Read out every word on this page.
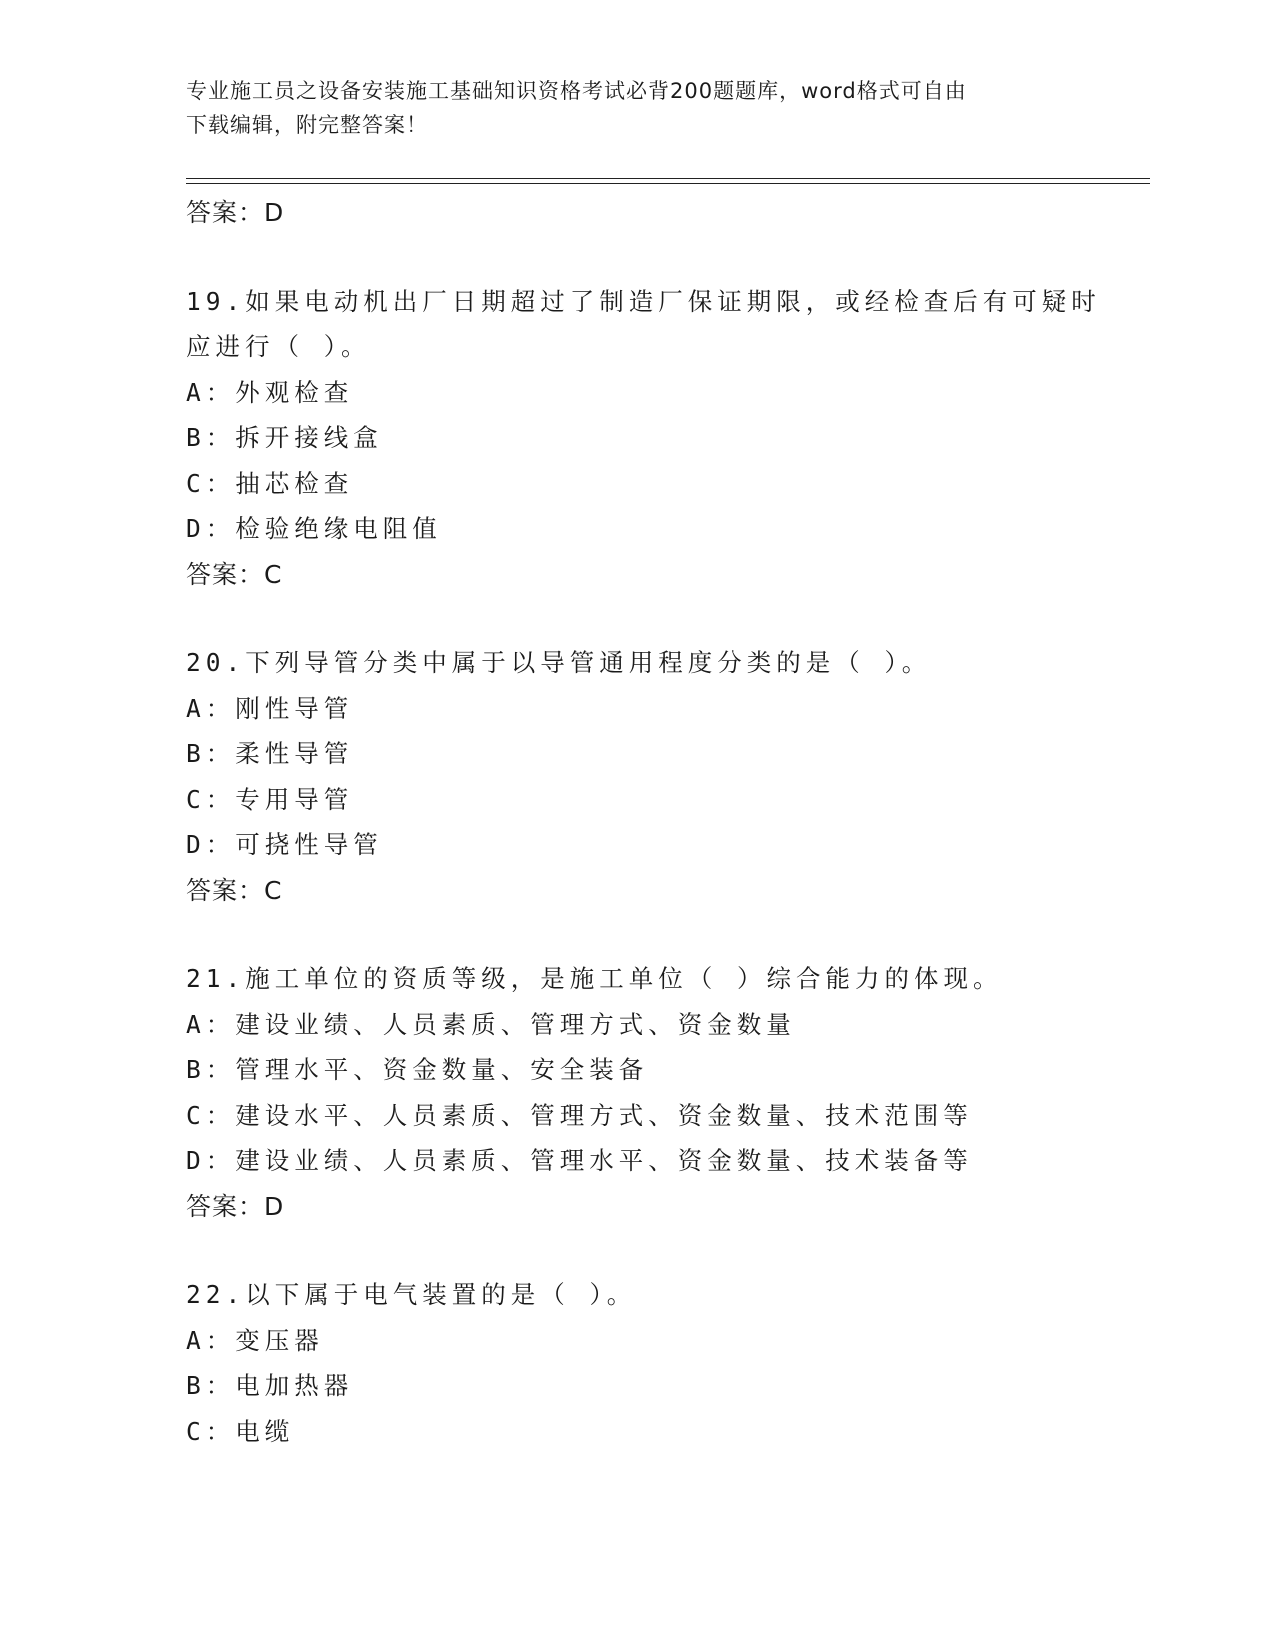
专业施工员之设备安装施工基础知识资格考试必背200题题库，word格式可自由
下载编辑，附完整答案！
答案：D
19.如果电动机出厂日期超过了制造厂保证期限，或经检查后有可疑时
应进行（ ）。
A：外观检查
B：拆开接线盒
C：抽芯检查
D：检验绝缘电阻值
答案：C
20.下列导管分类中属于以导管通用程度分类的是（ ）。
A：刚性导管
B：柔性导管
C：专用导管
D：可挠性导管
答案：C
21.施工单位的资质等级，是施工单位（ ）综合能力的体现。
A：建设业绩、人员素质、管理方式、资金数量
B：管理水平、资金数量、安全装备
C：建设水平、人员素质、管理方式、资金数量、技术范围等
D：建设业绩、人员素质、管理水平、资金数量、技术装备等
答案：D
22.以下属于电气装置的是（ ）。
A：变压器
B：电加热器
C：电缆
